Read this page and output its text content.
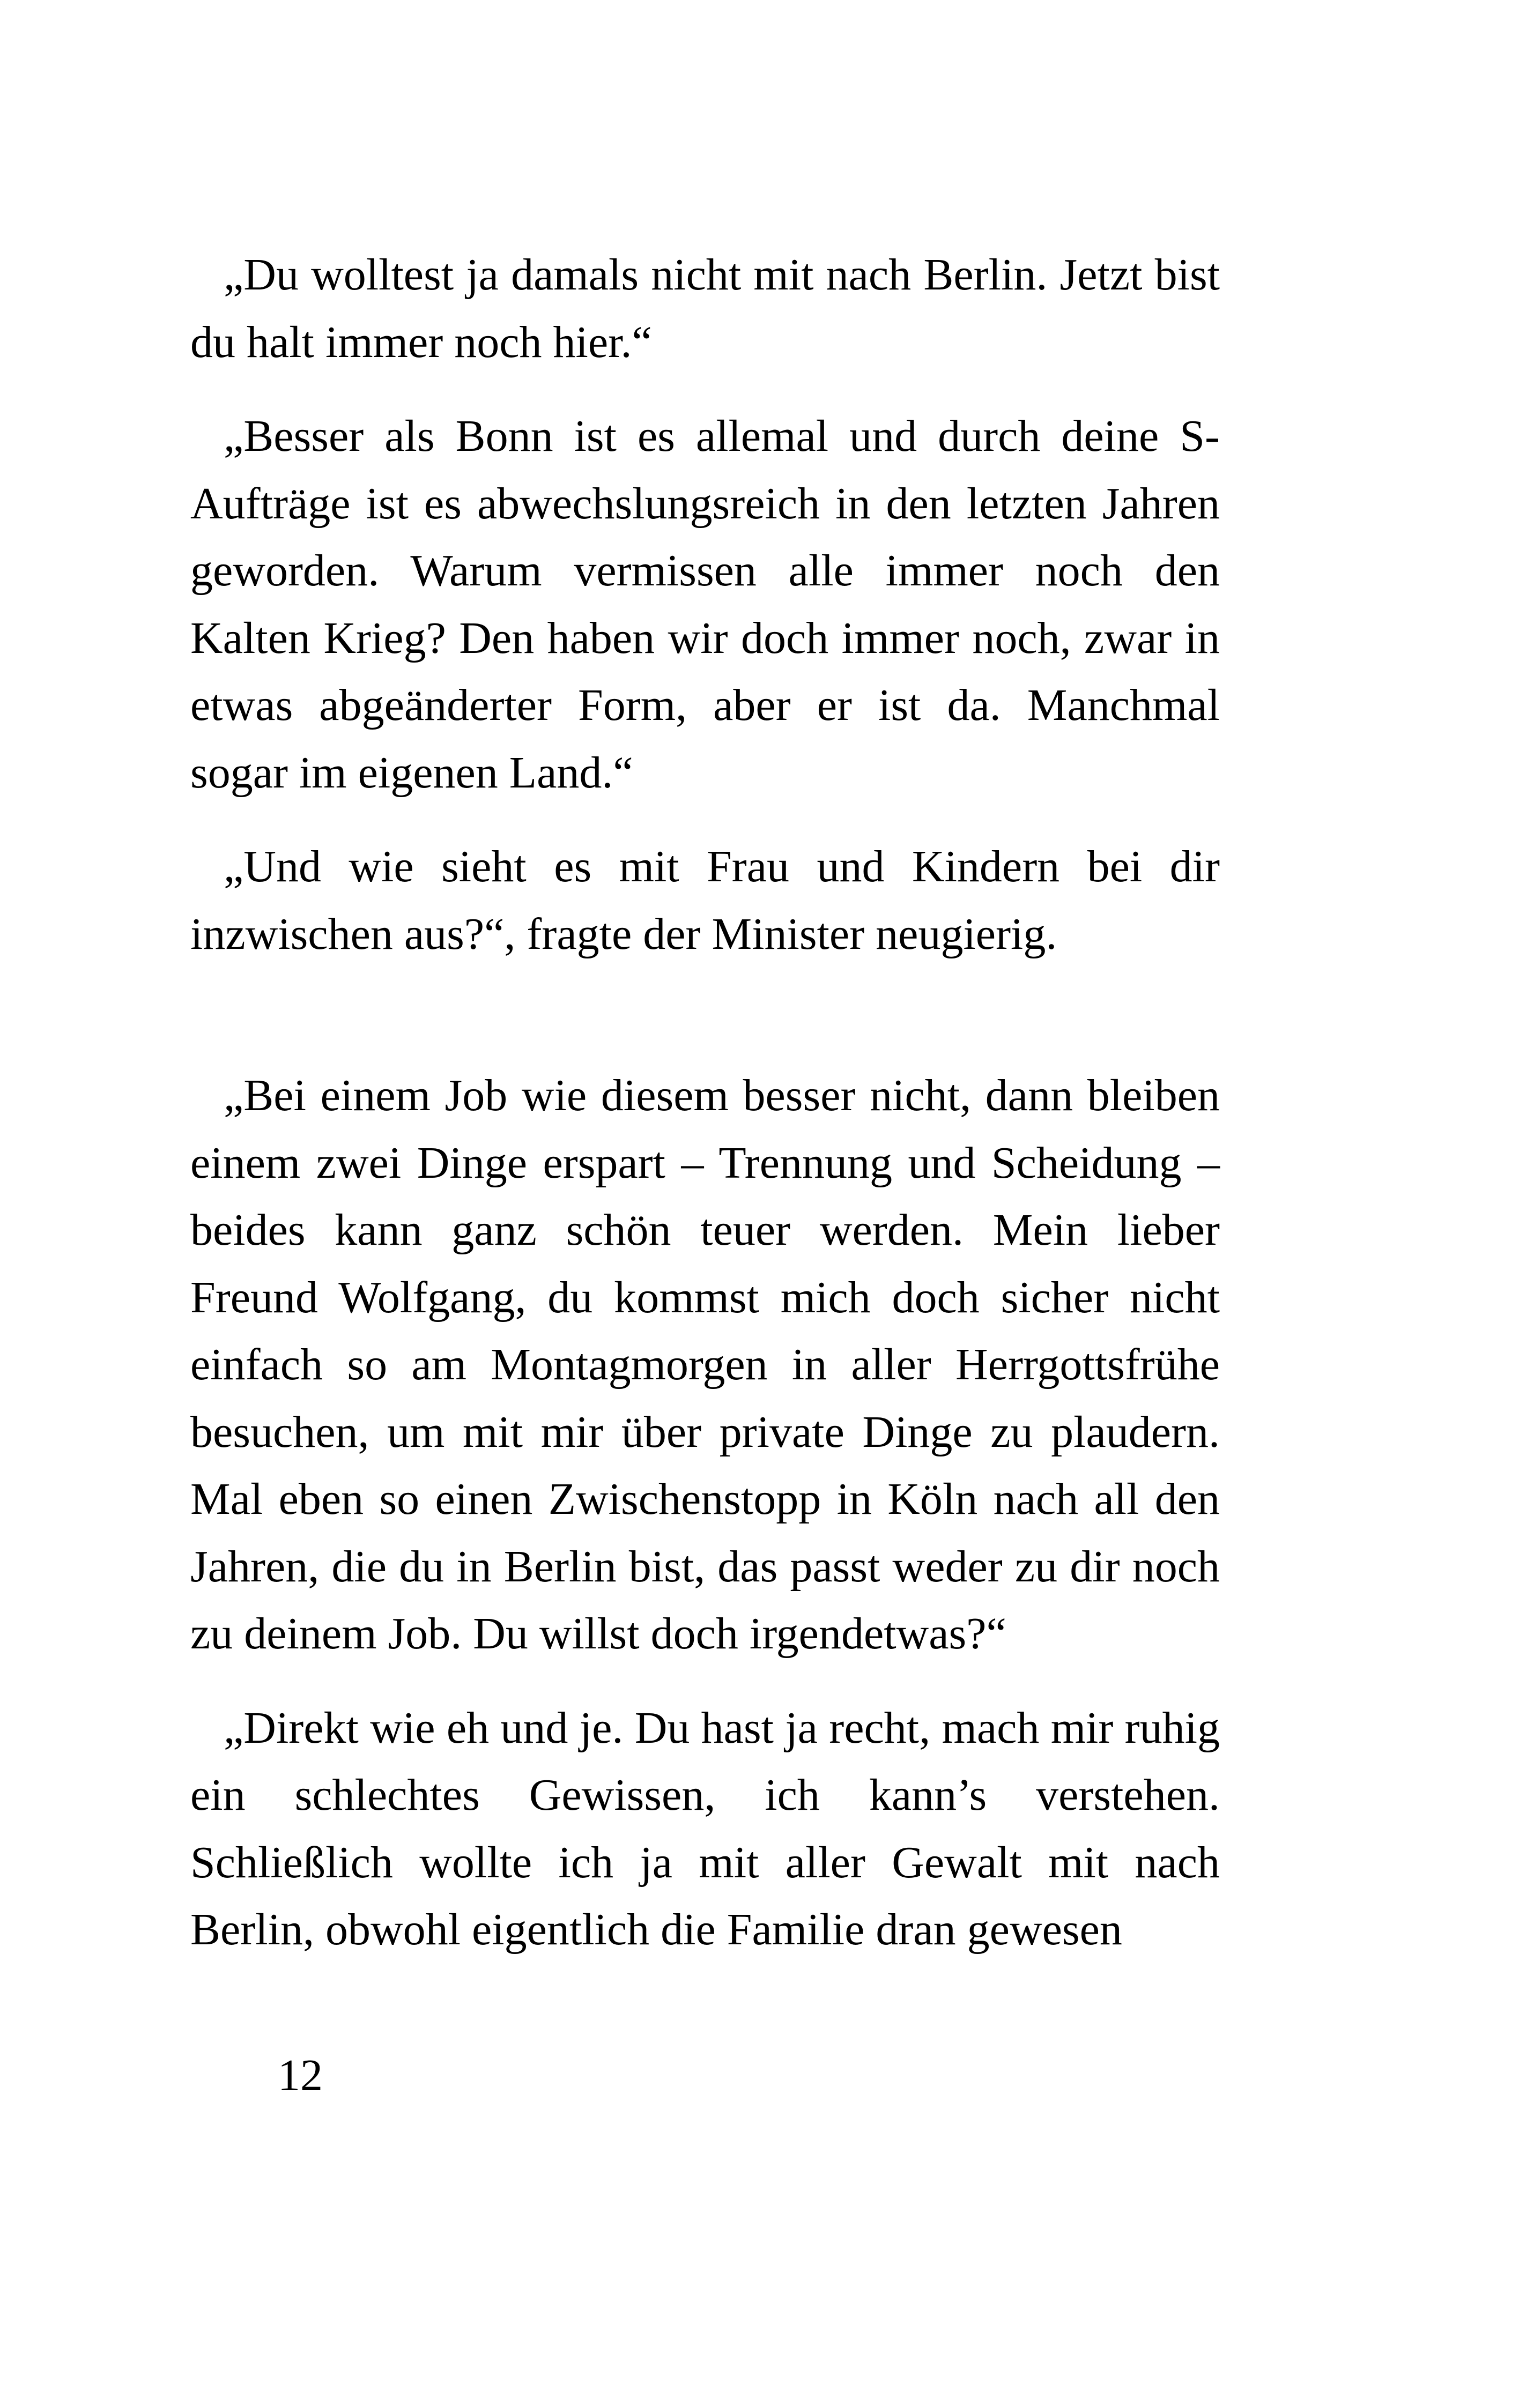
„Du wolltest ja damals nicht mit nach Berlin. Jetzt bist du halt immer noch hier.“

„Besser als Bonn ist es allemal und durch deine S-Aufträge ist es abwechslungsreich in den letzten Jahren geworden. Warum vermissen alle immer noch den Kalten Krieg? Den haben wir doch immer noch, zwar in etwas abgeänderter Form, aber er ist da. Manchmal sogar im eigenen Land.“

„Und wie sieht es mit Frau und Kindern bei dir inzwischen aus?“, fragte der Minister neugierig.

„Bei einem Job wie diesem besser nicht, dann bleiben einem zwei Dinge erspart – Trennung und Scheidung – beides kann ganz schön teuer werden. Mein lieber Freund Wolfgang, du kommst mich doch sicher nicht einfach so am Montagmorgen in aller Herrgottsfrühe besuchen, um mit mir über private Dinge zu plaudern. Mal eben so einen Zwischenstopp in Köln nach all den Jahren, die du in Berlin bist, das passt weder zu dir noch zu deinem Job. Du willst doch irgendetwas?“

„Direkt wie eh und je. Du hast ja recht, mach mir ruhig ein schlechtes Gewissen, ich kann’s verstehen. Schließlich wollte ich ja mit aller Gewalt mit nach Berlin, obwohl eigentlich die Familie dran gewesen

12
